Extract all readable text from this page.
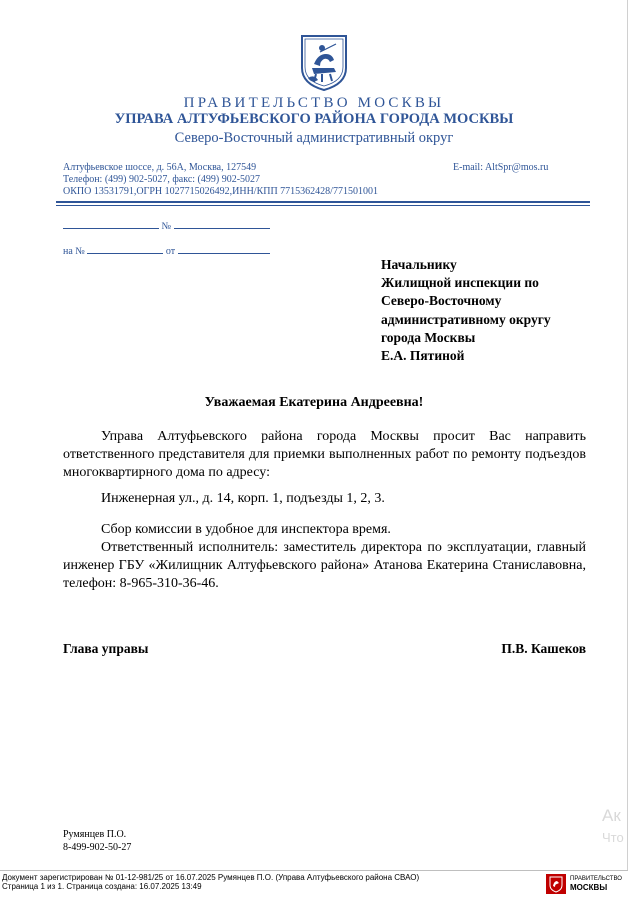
ПРАВИТЕЛЬСТВО МОСКВЫ
УПРАВА АЛТУФЬЕВСКОГО РАЙОНА ГОРОДА МОСКВЫ
Северо-Восточный административный округ
Алтуфьевское шоссе, д. 56А, Москва, 127549
Телефон: (499) 902-5027, факс: (499) 902-5027
ОКПО 13531791,ОГРН 1027715026492,ИНН/КПП 7715362428/771501001
E-mail: AltSpr@mos.ru
№
на №	от
Начальнику
Жилищной инспекции по
Северо-Восточному
административному округу
города Москвы
Е.А. Пятиной
Уважаемая Екатерина Андреевна!
Управа Алтуфьевского района города Москвы просит Вас направить ответственного представителя для приемки выполненных работ по ремонту подъездов многоквартирного дома по адресу:
Инженерная ул., д. 14, корп. 1, подъезды 1, 2, 3.
Сбор комиссии в удобное для инспектора время.
Ответственный исполнитель: заместитель директора по эксплуатации, главный инженер ГБУ «Жилищник Алтуфьевского района» Атанова Екатерина Станиславовна, телефон: 8-965-310-36-46.
Глава управы	П.В. Кашеков
Румянцев П.О.
8-499-902-50-27
Ак
Что
Документ зарегистрирован № 01-12-981/25 от 16.07.2025 Румянцев П.О. (Управа Алтуфьевского района СВАО)
Страница 1 из 1. Страница создана: 16.07.2025 13:49
ПРАВИТЕЛЬСТВО
МОСКВЫ
